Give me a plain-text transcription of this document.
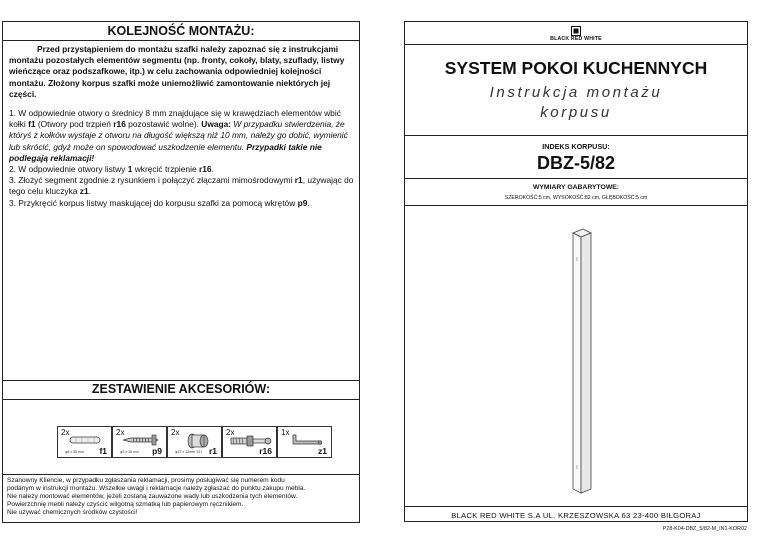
KOLEJNOŚĆ MONTAŻU:
Przed przystąpieniem do montażu szafki należy zapoznać się z instrukcjami montażu pozostałych elementów segmentu (np. fronty, cokoły, blaty, szuflady, listwy wieńczące oraz podszafkowe, itp.) w celu zachowania odpowiedniej kolejności montażu. Złożony korpus szafki może uniemożliwić zamontowanie niektórych jej części.

1. W odpowiednie otwory o średnicy 8 mm znajdujące się w krawędziach elementów wbić kołki f1 (Otwory pod trzpień r16 pozostawić wolne). Uwaga: W przypadku stwierdzenia, że któryś z kołków wystaje z otworu na długość większą niż 10 mm, należy go dobić, wymienić lub skrócić, gdyż może on spowodować uszkodzenie elementu. Przypadki takie nie podlegają reklamacji!

2. W odpowiednie otwory listwy 1 wkręcić trzpienie r16.

3. Złożyć segment zgodnie z rysunkiem i połączyć złączami mimośrodowymi r1, używając do tego celu kluczyka z1.

3. Przykręcić korpus listwy maskującej do korpusu szafki za pomocą wkrętów p9.

ZESTAWIENIE AKCESORIÓW:
2x
φ8 x 35 mm f1
2x
φ3 x 16 mm p9
2x
φ17 x 12mm T/H r1
2x
r16
1x
z1
Szanowny Kliencie, w przypadku zgłaszania reklamacji, prosimy posługiwać się numerem kodu
podanym w instrukcji montażu. Wszelkie uwagi i reklamacje należy zgłaszać do punktu zakupu mebla.
Nie należy montować elementów, jeżeli zostaną zauważone wady lub uszkodzenia tych elementów.
Powierzchnię mebli należy czyścić wilgotną szmatką lub papierowym ręcznikiem.
Nie używać chemicznych środków czystości!
BLACK RED WHITE
SYSTEM POKOI KUCHENNYCH
Instrukcja montażu
korpusu
INDEKS KORPUSU:
DBZ-5/82
WYMIARY GABARYTOWE:
SZEROKOŚĆ:5 cm, WYSOKOŚĆ:82 cm, GŁĘBOKOŚĆ:5 cm
BLACK RED WHITE S.A UL. KRZESZOWSKA 63 23-400 BIŁGORAJ
P28-K04-DBZ_5/82-M_IN1-KOR02
